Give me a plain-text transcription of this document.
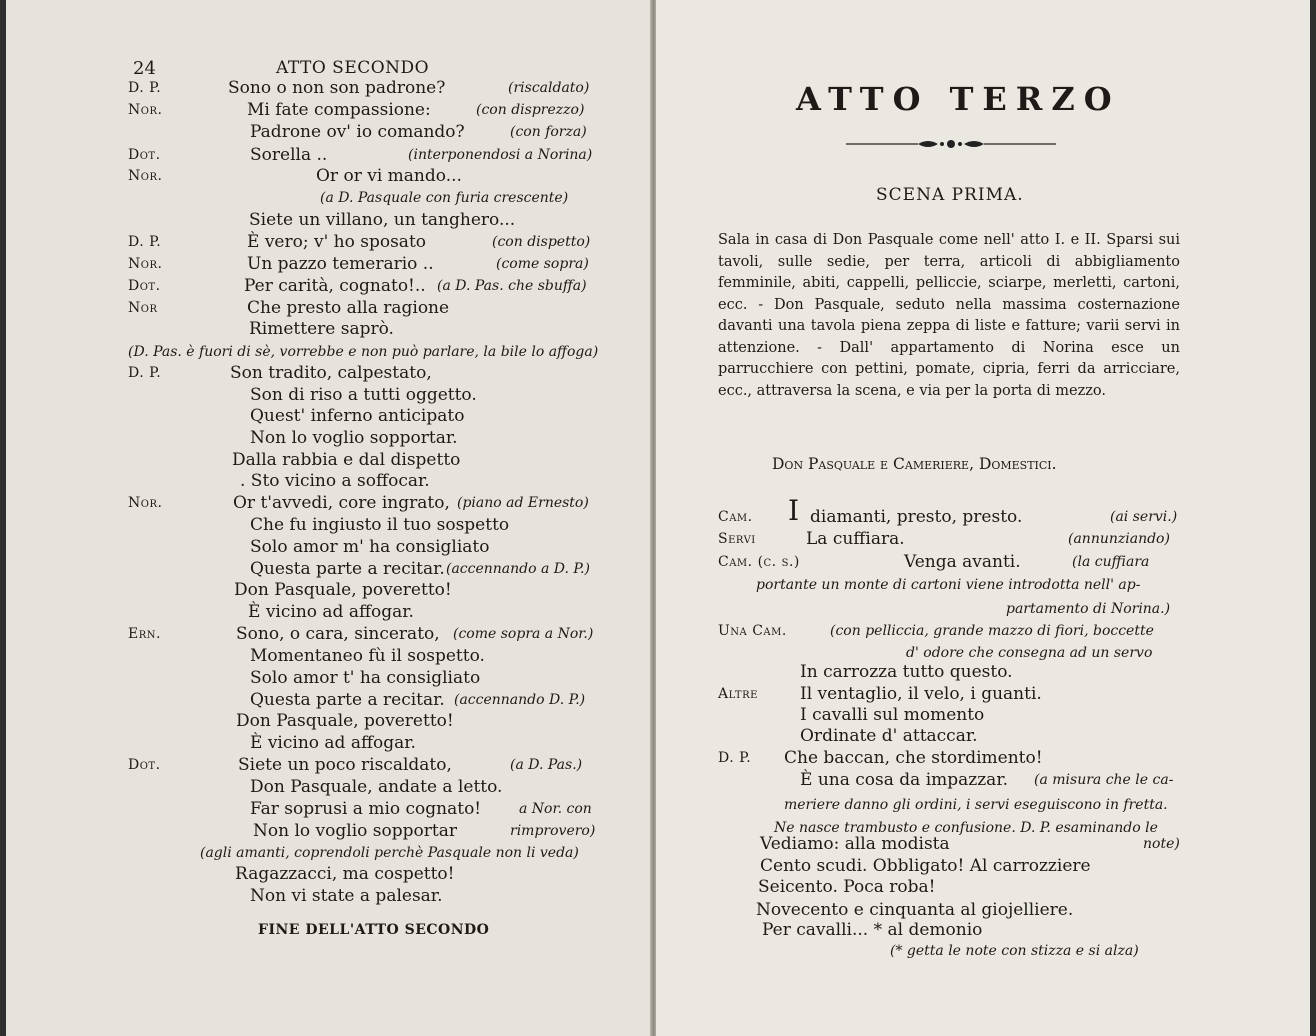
24	ATTO SECONDO
D. P.	Sono o non son padrone?	(riscaldato)
Nor.	Mi fate compassione:	(con disprezzo)
Padrone ov' io comando?	(con forza)
Dot.	Sorella ..	(interponendosi a Norina)
Nor.	Or or vi mando...
(a D. Pasquale con furia crescente)
Siete un villano, un tanghero...
D. P.	È vero; v' ho sposato	(con dispetto)
Nor.	Un pazzo temerario ..	(come sopra)
Dot.	Per carità, cognato!.. (a D. Pas. che sbuffa)
Nor	Che presto alla ragione
Rimettere saprò.
(D. Pas. è fuori di sè, vorrebbe e non può parlare, la bile lo affoga)
D. P.	Son tradito, calpestato,
Son di riso a tutti oggetto.
Quest' inferno anticipato
Non lo voglio sopportar.
Dalla rabbia e dal dispetto
. Sto vicino a soffocar.
Nor.	Or t'avvedi, core ingrato, (piano ad Ernesto)
Che fu ingiusto il tuo sospetto
Solo amor m' ha consigliato
Questa parte a recitar. (accennando a D. P.)
Don Pasquale, poveretto!
È vicino ad affogar.
Ern.	Sono, o cara, sincerato, (come sopra a Nor.)
Momentaneo fù il sospetto.
Solo amor t' ha consigliato
Questa parte a recitar. (accennando D. P.)
Don Pasquale, poveretto!
È vicino ad affogar.
Dot.	Siete un poco riscaldato,	(a D. Pas.)
Don Pasquale, andate a letto.
Far soprusi a mio cognato!	a Nor. con
Non lo voglio sopportar	rimprovero)
(agli amanti, coprendoli perchè Pasquale non li veda)
Ragazzacci, ma cospetto!
Non vi state a palesar.
FINE DELL'ATTO SECONDO
ATTO TERZO
SCENA PRIMA.
Sala in casa di Don Pasquale come nell' atto I. e II. Sparsi sui tavoli, sulle sedie, per terra, articoli di abbigliamento femminile, abiti, cappelli, pelliccie, sciarpe, merletti, cartoni, ecc. - Don Pasquale, seduto nella massima costernazione davanti una tavola piena zeppa di liste e fatture; varii servi in attenzione. - Dall' appartamento di Norina esce un parrucchiere con pettini, pomate, cipria, ferri da arricciare, ecc., attraversa la scena, e via per la porta di mezzo.
Don Pasquale e Cameriere, Domestici.
Cam. I diamanti, presto, presto.	(ai servi.)
Servi	La cuffiara.	(annunziando)
Cam. (c. s.)	Venga avanti.	(la cuffiara
portante un monte di cartoni viene introdotta nell' ap-
partamento di Norina.)
Una Cam.	(con pelliccia, grande mazzo di fiori, boccette
d' odore che consegna ad un servo
In carrozza tutto questo.
Altre Il ventaglio, il velo, i guanti.
I cavalli sul momento
Ordinate d' attaccar.
D. P. Che baccan, che stordimento!
È una cosa da impazzar. (a misura che le ca-
meriere danno gli ordini, i servi eseguiscono in fretta.
Ne nasce trambusto e confusione. D. P. esaminando le
Vediamo: alla modista	note)
Cento scudi. Obbligato! Al carrozziere
Seicento. Poca roba!
Novecento e cinquanta al giojelliere.
Per cavalli... * al demonio
(* getta le note con stizza e si alza)
